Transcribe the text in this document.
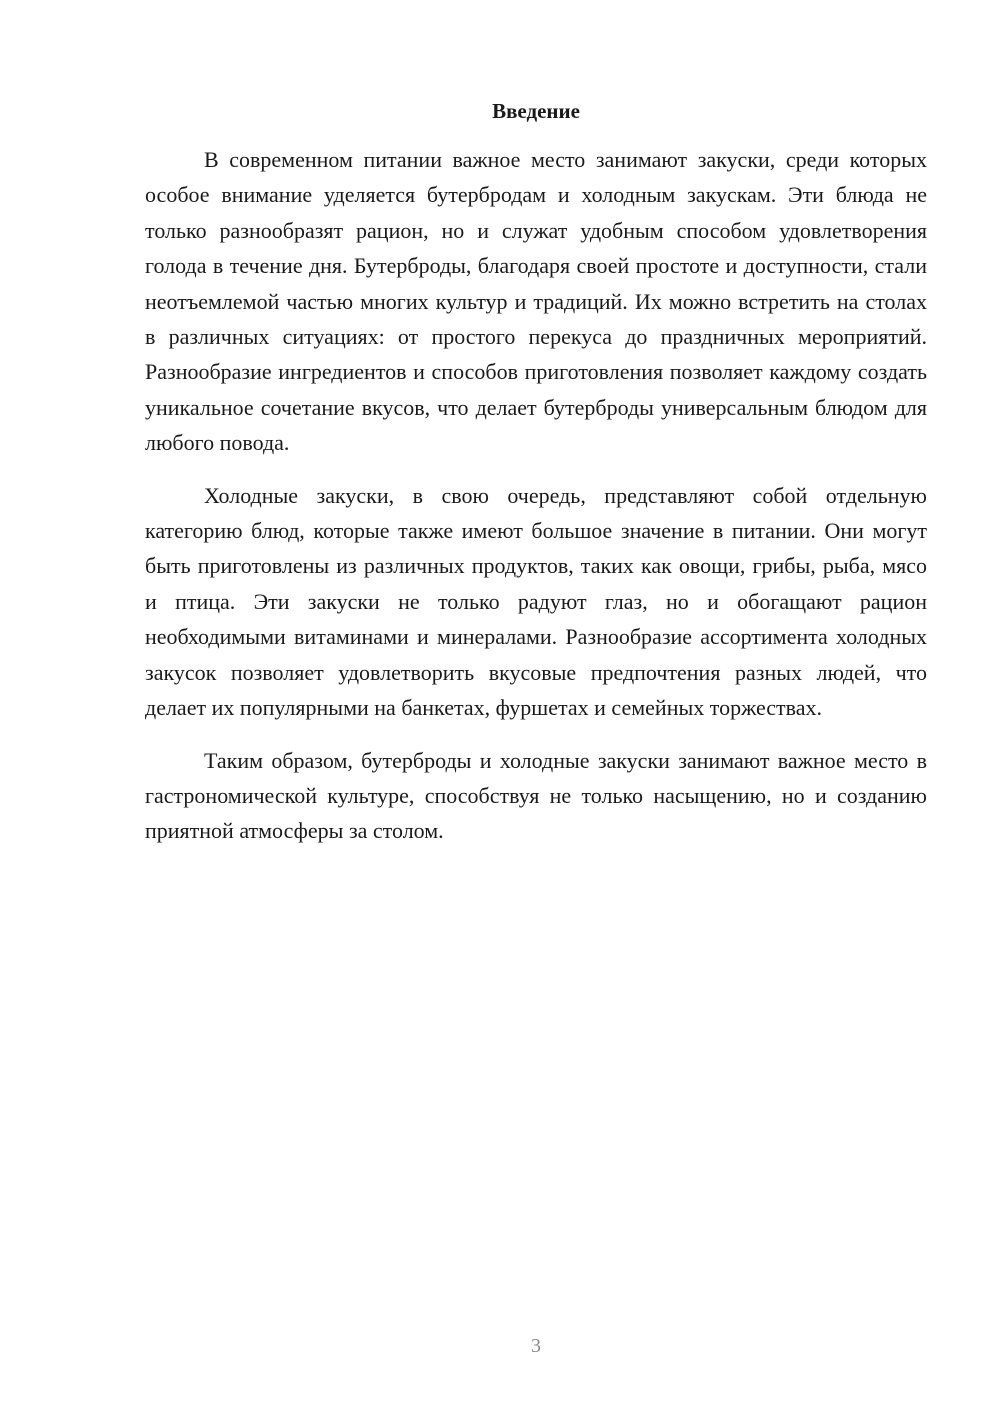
Введение

В современном питании важное место занимают закуски, среди которых особое внимание уделяется бутербродам и холодным закускам. Эти блюда не только разнообразят рацион, но и служат удобным способом удовлетворения голода в течение дня. Бутерброды, благодаря своей простоте и доступности, стали неотъемлемой частью многих культур и традиций. Их можно встретить на столах в различных ситуациях: от простого перекуса до праздничных мероприятий. Разнообразие ингредиентов и способов приготовления позволяет каждому создать уникальное сочетание вкусов, что делает бутерброды универсальным блюдом для любого повода.

Холодные закуски, в свою очередь, представляют собой отдельную категорию блюд, которые также имеют большое значение в питании. Они могут быть приготовлены из различных продуктов, таких как овощи, грибы, рыба, мясо и птица. Эти закуски не только радуют глаз, но и обогащают рацион необходимыми витаминами и минералами. Разнообразие ассортимента холодных закусок позволяет удовлетворить вкусовые предпочтения разных людей, что делает их популярными на банкетах, фуршетах и семейных торжествах.

Таким образом, бутерброды и холодные закуски занимают важное место в гастрономической культуре, способствуя не только насыщению, но и созданию приятной атмосферы за столом.

3
